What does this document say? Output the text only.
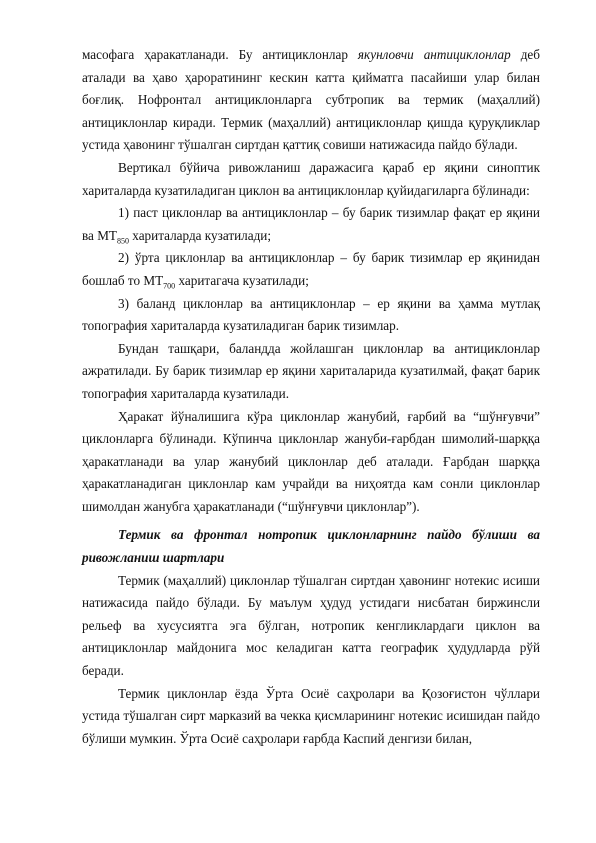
масофага ҳаракатланади. Бу антициклонлар якунловчи антициклонлар деб аталади ва ҳаво ҳароратининг кескин катта қийматга пасайиши улар билан боғлиқ. Нофронтал антициклонларга субтропик ва термик (маҳаллий) антициклонлар киради. Термик (маҳаллий) антициклонлар қишда қуруқликлар устида ҳавонинг тўшалган сиртдан қаттиқ совиши натижасида пайдо бўлади.

Вертикал бўйича ривожланиш даражасига қараб ер яқини синоптик хариталарда кузатиладиган циклон ва антициклонлар қуйидагиларга бўлинади:

1) паст циклонлар ва антициклонлар – бу барик тизимлар фақат ер яқини ва $МТ_{850}$ хариталарда кузатилади;

2) ўрта циклонлар ва антициклонлар – бу барик тизимлар ер яқинидан бошлаб то $МТ_{700}$ харитагача кузатилади;

3) баланд циклонлар ва антициклонлар – ер яқини ва ҳамма мутлақ топография хариталарда кузатиладиган барик тизимлар.

Бундан ташқари, баландда жойлашган циклонлар ва антициклонлар ажратилади. Бу барик тизимлар ер яқини хариталарида кузатилмай, фақат барик топография хариталарда кузатилади.

Ҳаракат йўналишига кўра циклонлар жанубий, ғарбий ва “шўнғувчи” циклонларга бўлинади. Кўпинча циклонлар жануби-ғарбдан шимолий-шарққа ҳаракатланади ва улар жанубий циклонлар деб аталади. Ғарбдан шарққа ҳаракатланадиган циклонлар кам учрайди ва ниҳоятда кам сонли циклонлар шимолдан жанубга ҳаракатланади (“шўнғувчи циклонлар”).

Термик ва фронтал нотропик циклонларнинг пайдо бўлиши ва ривожланиш шартлари

Термик (маҳаллий) циклонлар тўшалган сиртдан ҳавонинг нотекис исиши натижасида пайдо бўлади. Бу маълум ҳудуд устидаги нисбатан биржинсли рельеф ва хусусиятга эга бўлган, нотропик кенгликлардаги циклон ва антициклонлар майдонига мос келадиган катта географик ҳудудларда рўй беради.

Термик циклонлар ёзда Ўрта Осиё саҳролари ва Қозоғистон чўллари устида тўшалган сирт марказий ва чекка қисмларининг нотекис исишидан пайдо бўлиши мумкин. Ўрта Осиё саҳролари ғарбда Каспий денгизи билан,
